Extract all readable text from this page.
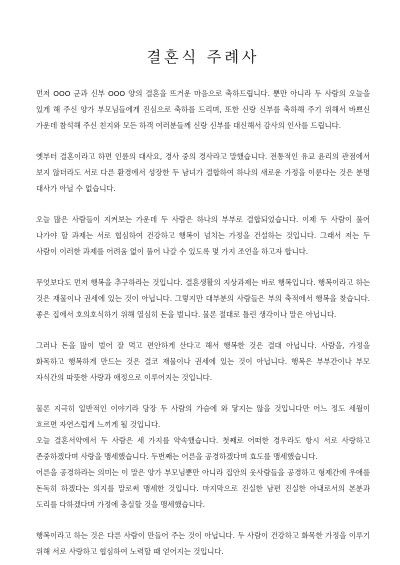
결혼식 주례사

먼저 OOO 군과 신부 OOO 양의 결혼을 뜨거운 마음으로 축하드립니다. 뿐만 아니라 두 사람의 오늘을 있게 해 주신 양가 부모님들에게 진심으로 축하를 드리며, 또한 신랑 신부를 축하해 주기 위해서 바쁘신 가운데 참석해 주신 친지와 모든 하객 여러분들께 신랑 신부를 대신해서 감사의 인사를 드립니다.

옛부터 결혼이라고 하면 인륜의 대사요, 경사 중의 경사라고 말했습니다. 전통적인 유교 윤리의 관점에서 보지 않더라도 서로 다른 환경에서 성장한 두 남녀가 결합하여 하나의 새로운 가정을 이룬다는 것은 분명 대사가 아닐 수 없습니다.

오늘 많은 사람들이 지켜보는 가운데 두 사람은 하나의 부부로 결합되었습니다. 이제 두 사람이 풀어 나가야 할 과제는 서로 협심하여 건강하고 행복이 넘치는 가정을 건설하는 것입니다. 그래서 저는 두 사람이 이러한 과제를 어려움 없이 풀어 나갈 수 있도록 몇 가지 조언을 하고자 합니다.

무엇보다도 먼저 행복을 추구하라는 것입니다. 결혼생활의 지상과제는 바로 행복입니다. 행복이라고 하는 것은 재물이나 권세에 있는 것이 아닙니다. 그렇지만 대부분의 사람들은 부의 축적에서 행복을 찾습니다. 좋은 집에서 호의호식하기 위해 열심히 돈을 벌니다. 물론 절대로 틀린 생각이나 말은 아닙니다.

그러나 돈을 많이 벌어 잘 먹고 편안하게 산다고 해서 행복한 것은 결대 아닙니다. 사람을, 가정을 화목하고 행복하게 만드는 것은 결코 재물이나 권세에 있는 것이 아닙니다. 행복은 부부간이나 부모 자식간의 따뜻한 사랑과 애정으로 이루어지는 것입니다.

물론 지극히 일반적인 이야기라 당장 두 사람의 가슴에 와 닿지는 않을 것입니다만 어느 정도 세월이 흐르면 자연스럽게 느끼게 될 것입니다.

오늘 결혼서약에서 두 사람은 세 가지를 약속했습니다. 첫째로 어떠한 경우라도 항시 서로 사랑하고 존중하겠다며 사랑을 맹세했습니다. 두번째는 어른을 공경하겠다며 효도를 맹세했습니다.

어른을 공경하라는 의미는 이 말은 양가 부모님뿐만 아니라 집안의 웃사람들을 공경하고 형제간에 우애를 돈독히 하겠다는 의지를 말로써 맹세한 것입니다. 마지막으로 진실한 남편 진실한 아내로서의 본분과 도리를 다하겠다며 가정에 충실할 것을 맹세했습니다.

행복이라고 하는 것은 다른 사람이 만들어 주는 것이 아닙니다. 두 사람이 건강하고 화목한 가정을 이루기 위해 서로 사랑하고 협심하여 노력할 때 얻어지는 것입니다.
